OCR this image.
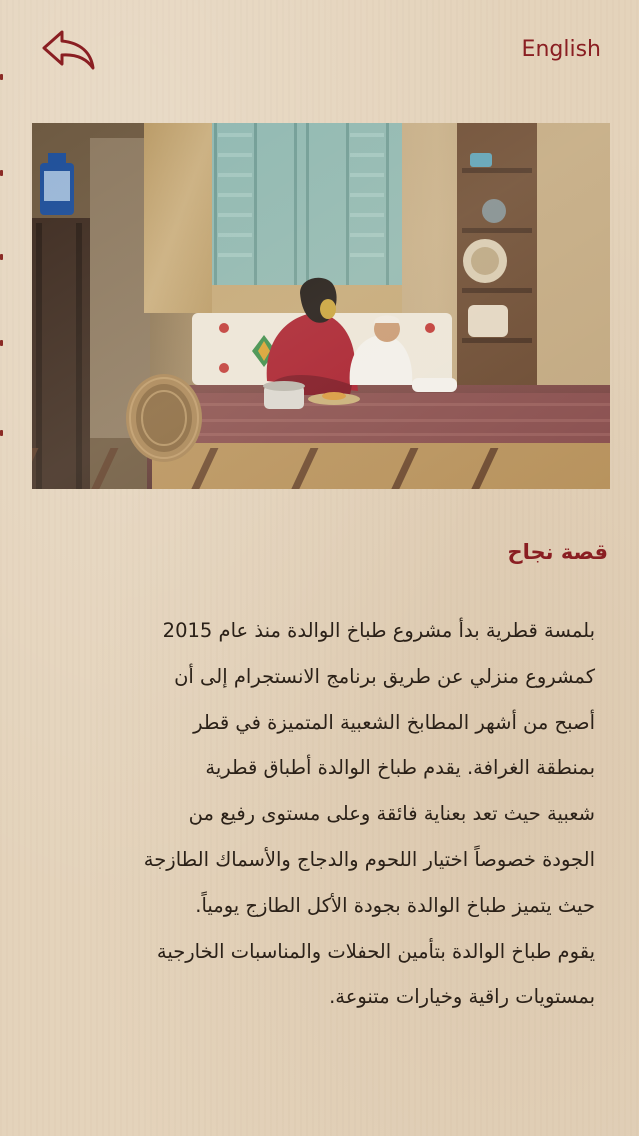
English
قصة نجاح
بلمسة قطرية بدأ مشروع طباخ الوالدة منذ عام 2015
كمشروع منزلي عن طريق برنامج الانستجرام إلى أن
أصبح من أشهر المطابخ الشعبية المتميزة في قطر
بمنطقة الغرافة. يقدم طباخ الوالدة أطباق قطرية
شعبية حيث تعد بعناية فائقة وعلى مستوى رفيع من
الجودة خصوصاً اختيار اللحوم والدجاج والأسماك الطازجة
حيث يتميز طباخ الوالدة بجودة الأكل الطازج يومياً.
يقوم طباخ الوالدة بتأمين الحفلات والمناسبات الخارجية
بمستويات راقية وخيارات متنوعة.
